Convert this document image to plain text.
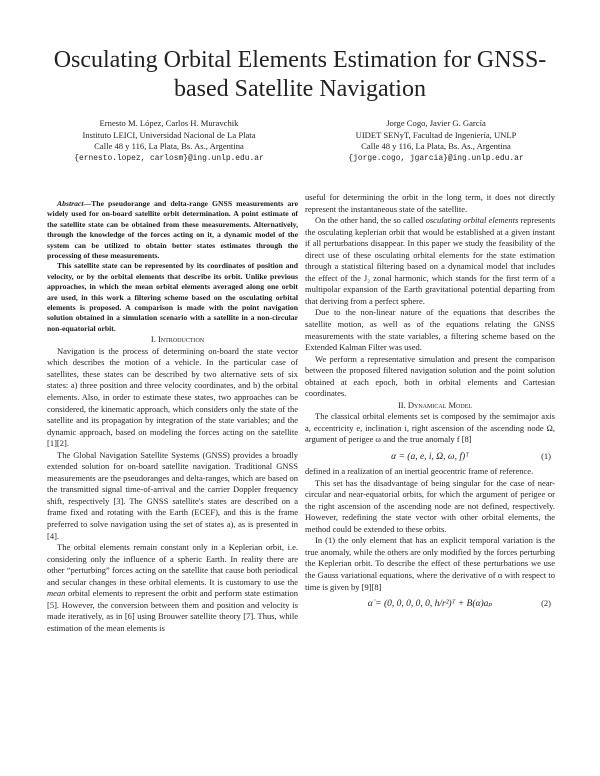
Osculating Orbital Elements Estimation for GNSS-based Satellite Navigation
Ernesto M. López, Carlos H. Muravchik
Instituto LEICI, Universidad Nacional de La Plata
Calle 48 y 116, La Plata, Bs. As., Argentina
{ernesto.lopez, carlosm}@ing.unlp.edu.ar
Jorge Cogo, Javier G. García
UIDET SENyT, Facultad de Ingeniería, UNLP
Calle 48 y 116, La Plata, Bs. As., Argentina
{jorge.cogo, jgarcia}@ing.unlp.edu.ar

Abstract—The pseudorange and delta-range GNSS measurements are widely used for on-board satellite orbit determination. A point estimate of the satellite state can be obtained from these measurements. Alternatively, through the knowledge of the forces acting on it, a dynamic model of the system can be utilized to obtain better states estimates through the processing of these measurements.

This satellite state can be represented by its coordinates of position and velocity, or by the orbital elements that describe its orbit. Unlike previous approaches, in which the mean orbital elements averaged along one orbit are used, in this work a filtering scheme based on the osculating orbital elements is proposed. A comparison is made with the point navigation solution obtained in a simulation scenario with a satellite in a non-circular non-equatorial orbit.

I. Introduction

Navigation is the process of determining on-board the state vector which describes the motion of a vehicle. In the particular case of satellites, these states can be described by two alternative sets of six states: a) three position and three velocity coordinates, and b) the orbital elements. Also, in order to estimate these states, two approaches can be considered, the kinematic approach, which considers only the state of the satellite and its propagation by integration of the state variables; and the dynamic approach, based on modeling the forces acting on the satellite [1][2].

The Global Navigation Satellite Systems (GNSS) provides a broadly extended solution for on-board satellite navigation. Traditional GNSS measurements are the pseudoranges and delta-ranges, which are based on the transmitted signal time-of-arrival and the carrier Doppler frequency shift, respectively [3]. The GNSS satellite's states are described on a frame fixed and rotating with the Earth (ECEF), and this is the frame preferred to solve navigation using the set of states a), as is presented in [4].

The orbital elements remain constant only in a Keplerian orbit, i.e. considering only the influence of a spheric Earth. In reality there are other “perturbing” forces acting on the satellite that cause both periodical and secular changes in these orbital elements. It is customary to use the mean orbital elements to represent the orbit and perform state estimation [5]. However, the conversion between them and position and velocity is made iteratively, as in [6] using Brouwer satellite theory [7]. Thus, while estimation of the mean elements is

useful for determining the orbit in the long term, it does not directly represent the instantaneous state of the satellite.

On the other hand, the so called osculating orbital elements represents the osculating keplerian orbit that would be established at a given instant if all perturbations disappear. In this paper we study the feasibility of the direct use of these osculating orbital elements for the state estimation through a statistical filtering based on a dynamical model that includes the effect of the J₂ zonal harmonic, which stands for the first term of a multipolar expansion of the Earth gravitational potential departing from that deriving from a perfect sphere.

Due to the non-linear nature of the equations that describes the satellite motion, as well as of the equations relating the GNSS measurements with the state variables, a filtering scheme based on the Extended Kalman Filter was used.

We perform a representative simulation and present the comparison between the proposed filtered navigation solution and the point solution obtained at each epoch, both in orbital elements and Cartesian coordinates.

II. Dynamical Model

The classical orbital elements set is composed by the semimajor axis a, eccentricity e, inclination i, right ascension of the ascending node Ω, argument of perigee ω and the true anomaly f [8]

α = (a, e, i, Ω, ω, f)ᵀ	(1)

defined in a realization of an inertial geocentric frame of reference.

This set has the disadvantage of being singular for the case of near-circular and near-equatorial orbits, for which the argument of perigee or the right ascension of the ascending node are not defined, respectively. However, redefining the state vector with other orbital elements, the method could be extended to these orbits.

In (1) the only element that has an explicit temporal variation is the true anomaly, while the others are only modified by the forces perturbing the Keplerian orbit. To describe the effect of these perturbations we use the Gauss variational equations, where the derivative of α with respect to time is given by [9][8]

α̇ = (0, 0, 0, 0, 0, h/r²)ᵀ + B(α)aₚ	(2)
